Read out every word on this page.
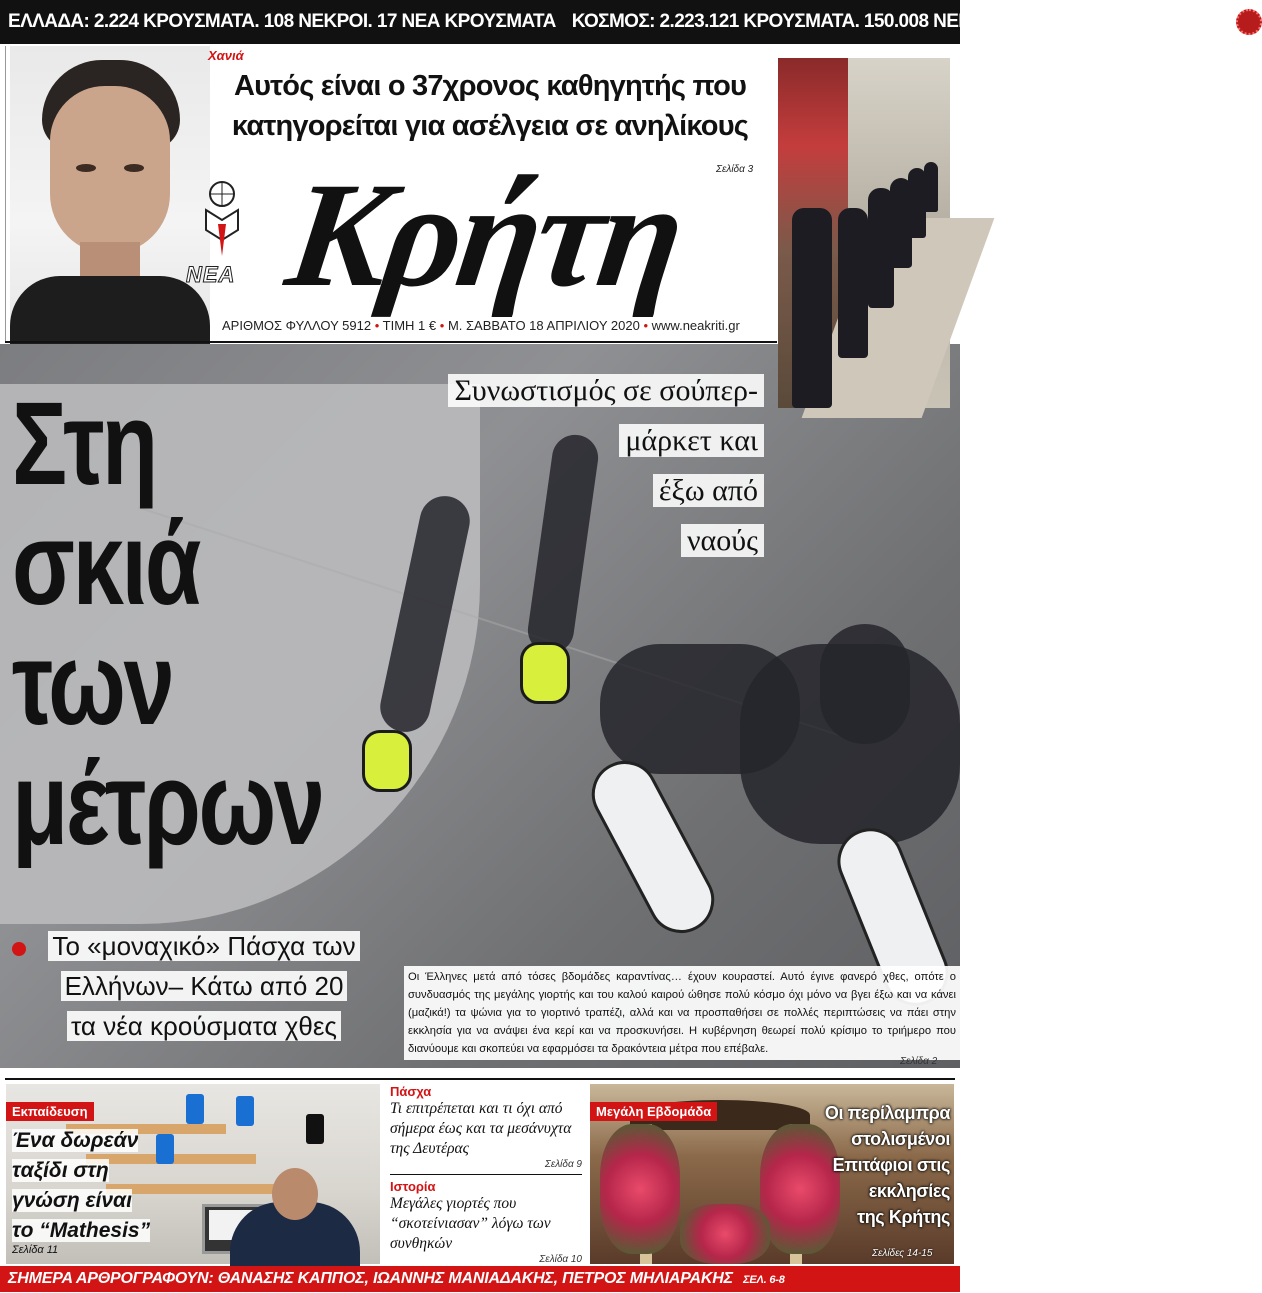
ΕΛΛΑΔΑ: 2.224 ΚΡΟΥΣΜΑΤΑ. 108 ΝΕΚΡΟΙ. 17 ΝΕΑ ΚΡΟΥΣΜΑΤΑ ΚΟΣΜΟΣ: 2.223.121 ΚΡΟΥΣΜΑΤΑ. 150.008 ΝΕΚΡΟΙ. 41.813 ΝΕΑ ΚΡΟΥΣΜΑΤΑ.
Χανιά
Αυτός είναι ο 37χρονος καθηγητής που κατηγορείται για ασέλγεια σε ανηλίκους
Σελίδα 3
ΝΕΑ Κρήτη
ΑΡΙΘΜΟΣ ΦΥΛΛΟΥ 5912 • ΤΙΜΗ 1 € • Μ. ΣΑΒΒΑΤΟ 18 ΑΠΡΙΛΙΟΥ 2020 • www.neakriti.gr
Στη
σκιά
των
μέτρων
Συνωστισμός σε σούπερ-
μάρκετ και
έξω από
ναούς
Το «μοναχικό» Πάσχα των
Ελλήνων– Κάτω από 20
τα νέα κρούσματα χθες
Οι Έλληνες μετά από τόσες βδομάδες καραντίνας… έχουν κουραστεί. Αυτό έγινε φανερό χθες, οπότε ο συνδυασμός της μεγάλης γιορτής και του καλού καιρού ώθησε πολύ κόσμο όχι μόνο να βγει έξω και να κάνει (μαζικά!) τα ψώνια για το γιορτινό τραπέζι, αλλά και να προσπαθήσει σε πολλές περιπτώσεις να πάει στην εκκλησία για να ανάψει ένα κερί και να προσκυνήσει. Η κυβέρνηση θεωρεί πολύ κρίσιμο το τριήμερο που διανύουμε και σκοπεύει να εφαρμόσει τα δρακόντεια μέτρα που επέβαλε.
Σελίδα 2
Εκπαίδευση
Ένα δωρεάν
ταξίδι στη
γνώση είναι
το “Mathesis”
Σελίδα 11
Πάσχα
Τι επιτρέπεται και τι όχι από σήμερα έως και τα μεσάνυχτα της Δευτέρας
Σελίδα 9
Ιστορία
Μεγάλες γιορτές που “σκοτείνιασαν” λόγω των συνθηκών
Σελίδα 10
Μεγάλη Εβδομάδα	Οι περίλαμπρα
στολισμένοι
Επιτάφιοι στις
εκκλησίες
της Κρήτης
Σελίδες 14-15
ΣΗΜΕΡΑ ΑΡΘΡΟΓΡΑΦΟΥΝ: ΘΑΝΑΣΗΣ ΚΑΠΠΟΣ, ΙΩΑΝΝΗΣ ΜΑΝΙΑΔΑΚΗΣ, ΠΕΤΡΟΣ ΜΗΛΙΑΡΑΚΗΣ ΣΕΛ. 6-8
